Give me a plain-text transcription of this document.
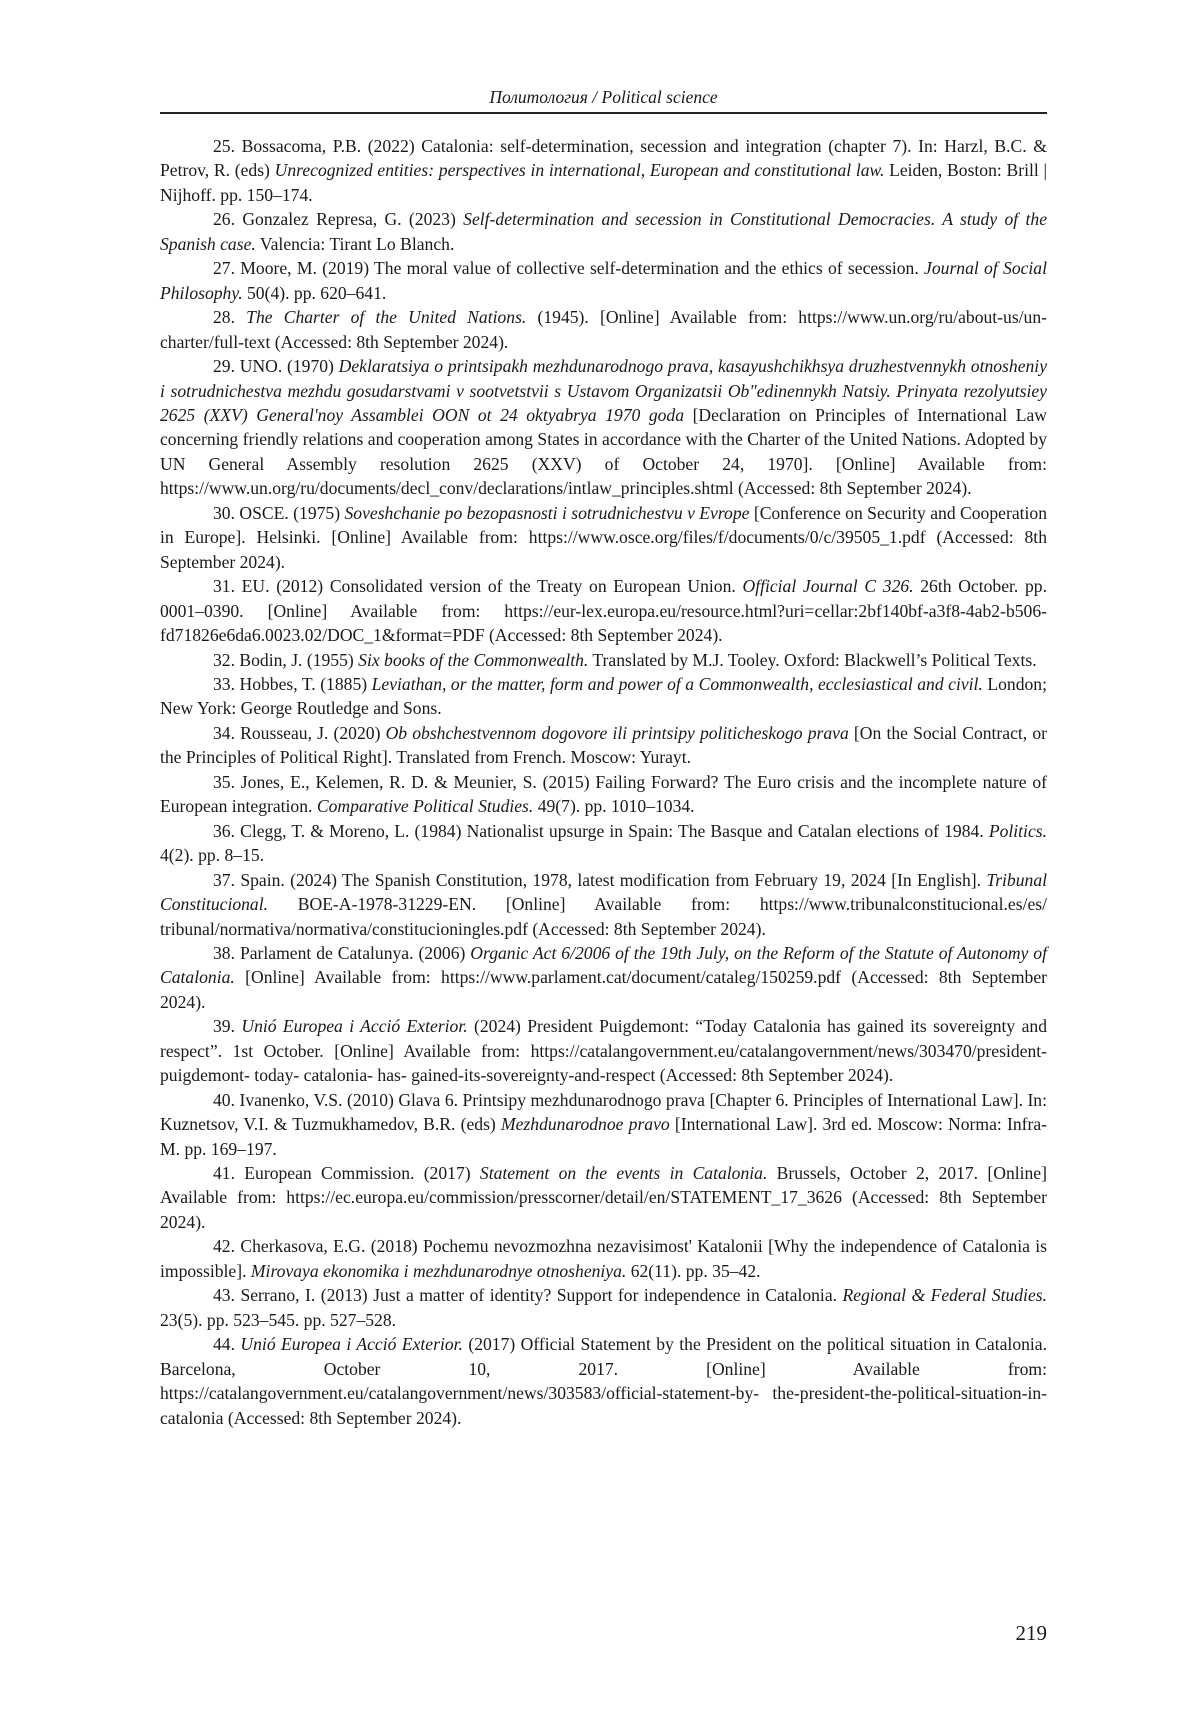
Политология / Political science
25. Bossacoma, P.B. (2022) Catalonia: self-determination, secession and integration (chapter 7). In: Harzl, B.C. & Petrov, R. (eds) Unrecognized entities: perspectives in international, European and constitutional law. Leiden, Boston: Brill | Nijhoff. pp. 150–174.
26. Gonzalez Represa, G. (2023) Self-determination and secession in Constitutional Democracies. A study of the Spanish case. Valencia: Tirant Lo Blanch.
27. Moore, M. (2019) The moral value of collective self-determination and the ethics of secession. Journal of Social Philosophy. 50(4). pp. 620–641.
28. The Charter of the United Nations. (1945). [Online] Available from: https://www.un.org/ru/about-us/un-charter/full-text (Accessed: 8th September 2024).
29. UNO. (1970) Deklaratsiya o printsipakh mezhdunarodnogo prava, kasayushchikhsya druzhestvennykh otnosheniy i sotrudnichestva mezhdu gosudarstvami v sootvetstvii s Ustavom Organizatsii Ob"edinennykh Natsiy. Prinyata rezolyutsiey 2625 (XXV) General'noy Assamblei OON ot 24 oktyabrya 1970 goda [Declaration on Principles of International Law concerning friendly relations and cooperation among States in accordance with the Charter of the United Nations. Adopted by UN General Assembly resolution 2625 (XXV) of October 24, 1970]. [Online] Available from: https://www.un.org/ru/documents/decl_conv/declarations/intlaw_principles.shtml (Accessed: 8th September 2024).
30. OSCE. (1975) Soveshchanie po bezopasnosti i sotrudnichestvu v Evrope [Conference on Security and Cooperation in Europe]. Helsinki. [Online] Available from: https://www.osce.org/files/f/documents/0/c/39505_1.pdf (Accessed: 8th September 2024).
31. EU. (2012) Consolidated version of the Treaty on European Union. Official Journal C 326. 26th October. pp. 0001–0390. [Online] Available from: https://eur-lex.europa.eu/resource.html?uri=cellar:2bf140bf-a3f8-4ab2-b506-fd71826e6da6.0023.02/DOC_1&format=PDF (Accessed: 8th September 2024).
32. Bodin, J. (1955) Six books of the Commonwealth. Translated by M.J. Tooley. Oxford: Blackwell’s Political Texts.
33. Hobbes, T. (1885) Leviathan, or the matter, form and power of a Commonwealth, ecclesiastical and civil. London; New York: George Routledge and Sons.
34. Rousseau, J. (2020) Ob obshchestvennom dogovore ili printsipy politicheskogo prava [On the Social Contract, or the Principles of Political Right]. Translated from French. Moscow: Yurayt.
35. Jones, E., Kelemen, R. D. & Meunier, S. (2015) Failing Forward? The Euro crisis and the incomplete nature of European integration. Comparative Political Studies. 49(7). pp. 1010–1034.
36. Clegg, T. & Moreno, L. (1984) Nationalist upsurge in Spain: The Basque and Catalan elections of 1984. Politics. 4(2). pp. 8–15.
37. Spain. (2024) The Spanish Constitution, 1978, latest modification from February 19, 2024 [In English]. Tribunal Constitucional. BOE-A-1978-31229-EN. [Online] Available from: https://www.tribunalconstitucional.es/es/ tribunal/normativa/normativa/constitucioningles.pdf (Accessed: 8th September 2024).
38. Parlament de Catalunya. (2006) Organic Act 6/2006 of the 19th July, on the Reform of the Statute of Autonomy of Catalonia. [Online] Available from: https://www.parlament.cat/document/cataleg/150259.pdf (Accessed: 8th September 2024).
39. Unió Europea i Acció Exterior. (2024) President Puigdemont: “Today Catalonia has gained its sovereignty and respect”. 1st October. [Online] Available from: https://catalangovernment.eu/catalangovernment/news/303470/president-puigdemont- today- catalonia- has- gained-its-sovereignty-and-respect (Accessed: 8th September 2024).
40. Ivanenko, V.S. (2010) Glava 6. Printsipy mezhdunarodnogo prava [Chapter 6. Principles of International Law]. In: Kuznetsov, V.I. & Tuzmukhamedov, B.R. (eds) Mezhdunarodnoe pravo [International Law]. 3rd ed. Moscow: Norma: Infra-M. pp. 169–197.
41. European Commission. (2017) Statement on the events in Catalonia. Brussels, October 2, 2017. [Online] Available from: https://ec.europa.eu/commission/presscorner/detail/en/STATEMENT_17_3626 (Accessed: 8th September 2024).
42. Cherkasova, E.G. (2018) Pochemu nevozmozhna nezavisimost' Katalonii [Why the independence of Catalonia is impossible]. Mirovaya ekonomika i mezhdunarodnye otnosheniya. 62(11). pp. 35–42.
43. Serrano, I. (2013) Just a matter of identity? Support for independence in Catalonia. Regional & Federal Studies. 23(5). pp. 523–545. pp. 527–528.
44. Unió Europea i Acció Exterior. (2017) Official Statement by the President on the political situation in Catalonia. Barcelona, October 10, 2017. [Online] Available from: https://catalangovernment.eu/catalangovernment/news/303583/official-statement-by- the-president-the-political-situation-in-catalonia (Accessed: 8th September 2024).
219
